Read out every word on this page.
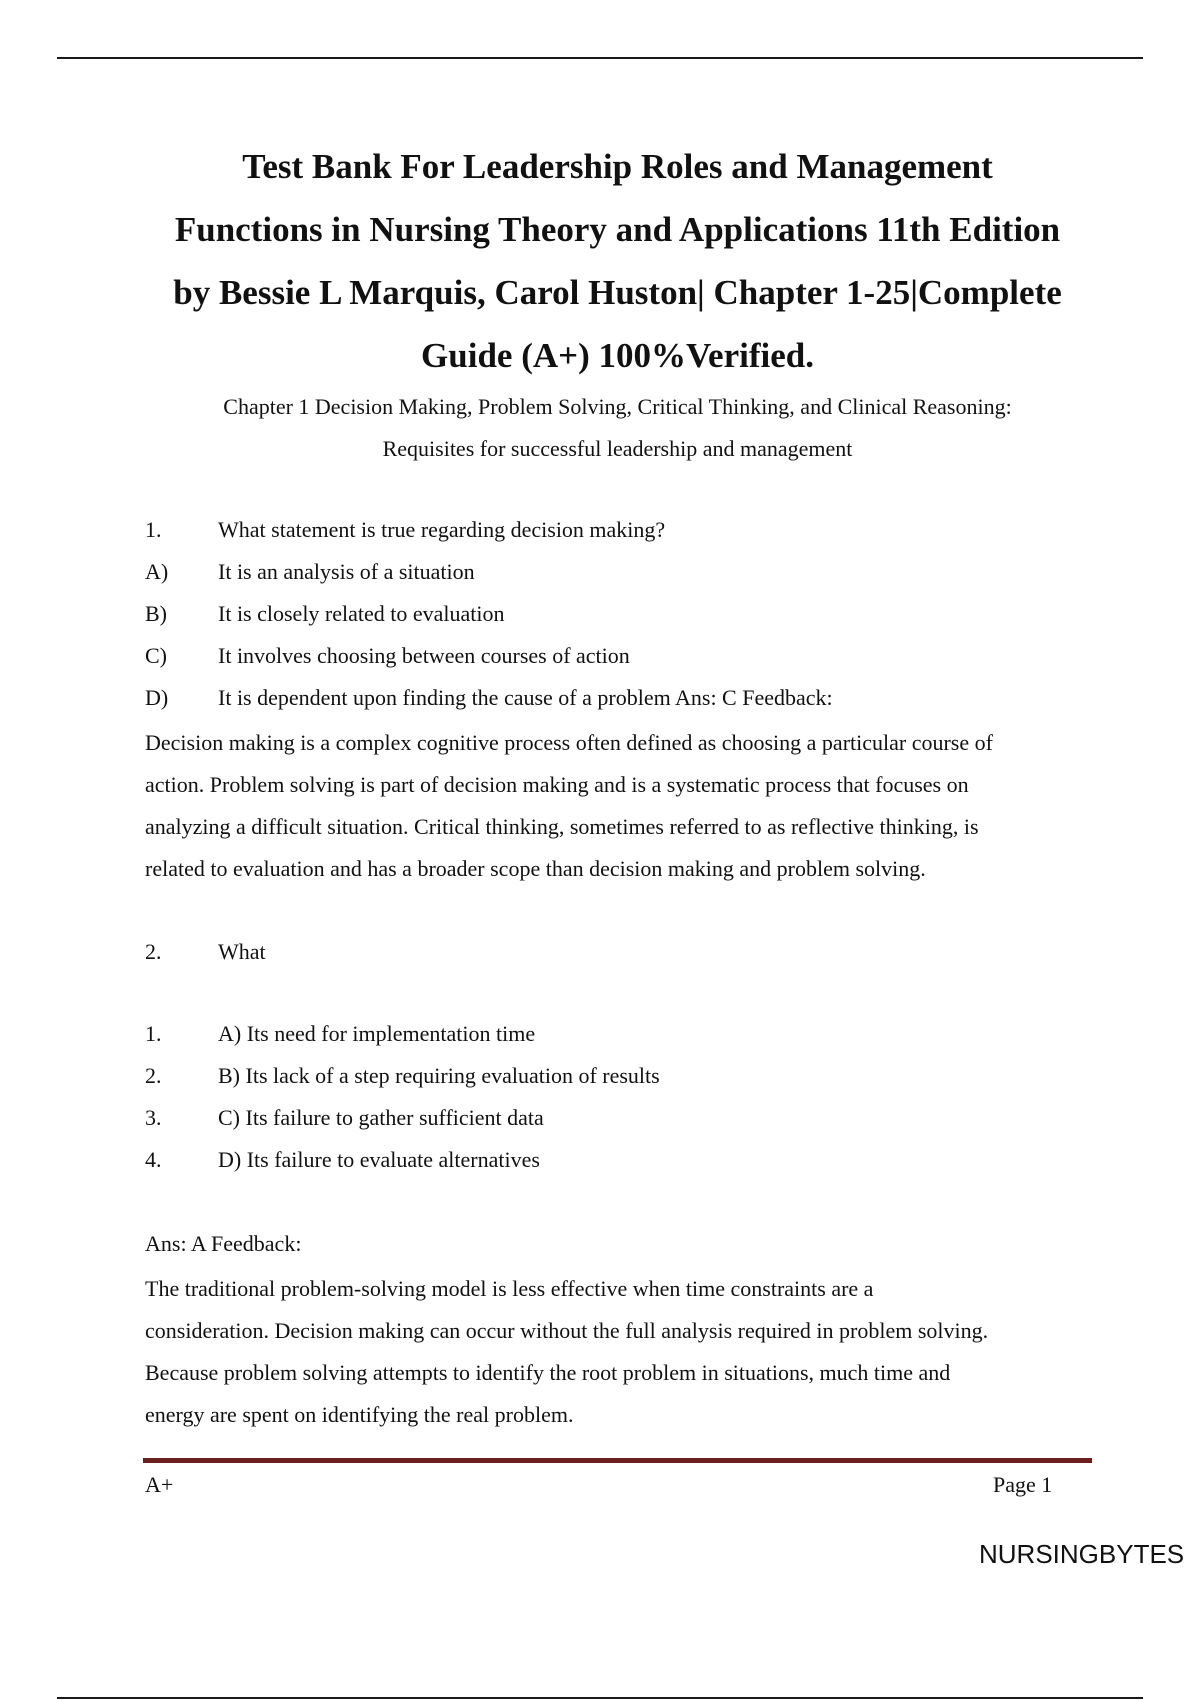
Test Bank For Leadership Roles and Management
Functions in Nursing Theory and Applications 11th Edition
by Bessie L Marquis, Carol Huston| Chapter 1-25|Complete
Guide (A+) 100%Verified.
Chapter 1 Decision Making, Problem Solving, Critical Thinking, and Clinical Reasoning:
Requisites for successful leadership and management
1.	What statement is true regarding decision making?
A) It is an analysis of a situation
B) It is closely related to evaluation
C) It involves choosing between courses of action
D) It is dependent upon finding the cause of a problem Ans: C Feedback:
Decision making is a complex cognitive process often defined as choosing a particular course of
action. Problem solving is part of decision making and is a systematic process that focuses on
analyzing a difficult situation. Critical thinking, sometimes referred to as reflective thinking, is
related to evaluation and has a broader scope than decision making and problem solving.
2.	What
1.	A) Its need for implementation time
2.	B) Its lack of a step requiring evaluation of results
3.	C) Its failure to gather sufficient data
4.	D) Its failure to evaluate alternatives
Ans: A Feedback:
The traditional problem-solving model is less effective when time constraints are a
consideration. Decision making can occur without the full analysis required in problem solving.
Because problem solving attempts to identify the root problem in situations, much time and
energy are spent on identifying the real problem.
A+	Page 1
NURSINGBYTES
